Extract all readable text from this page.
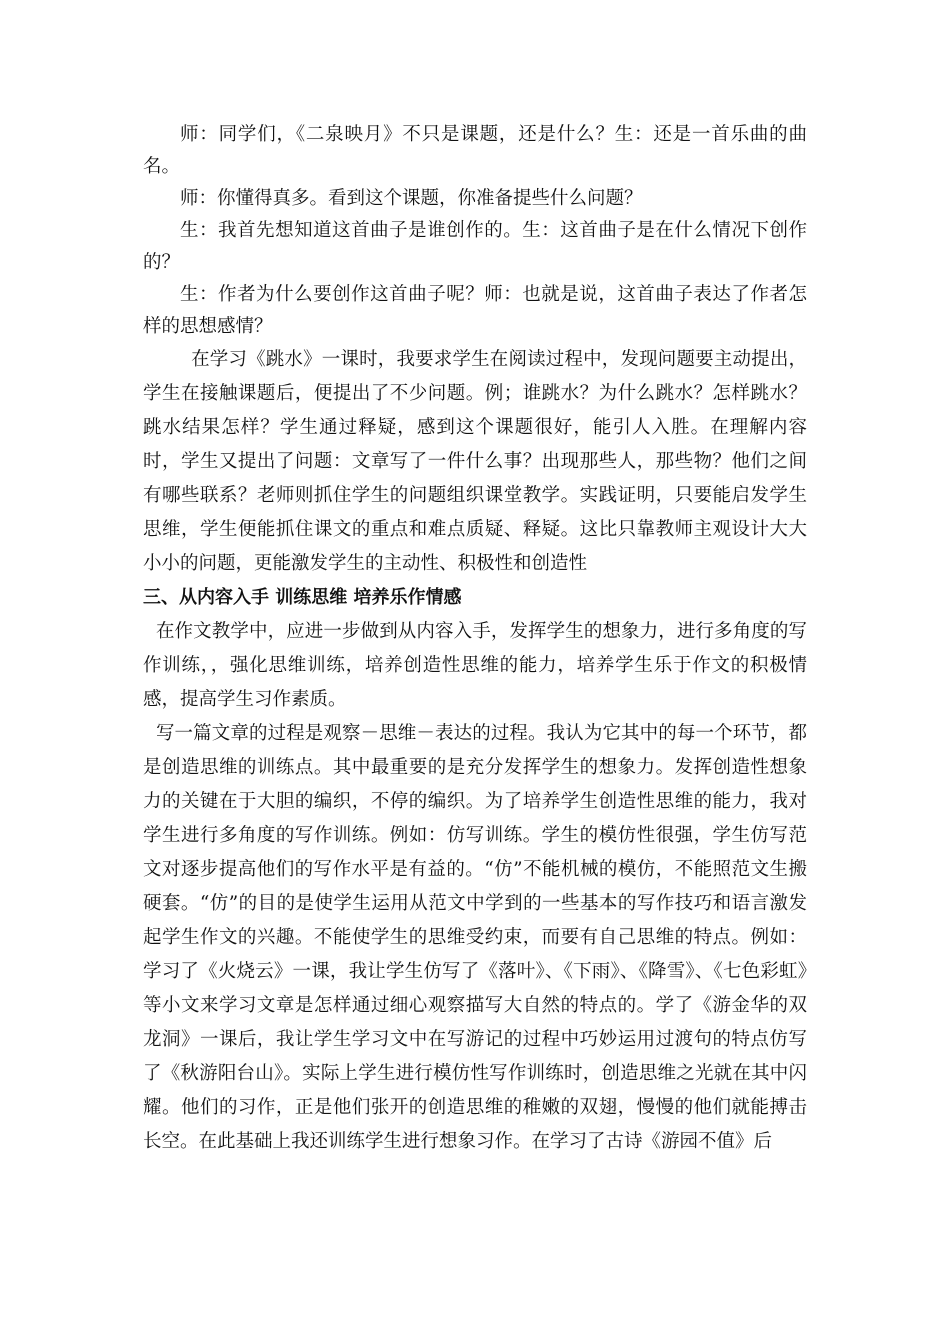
师：同学们，《二泉映月》不只是课题，还是什么？生：还是一首乐曲的曲名。

师：你懂得真多。看到这个课题，你准备提些什么问题？

生：我首先想知道这首曲子是谁创作的。生：这首曲子是在什么情况下创作的？

生：作者为什么要创作这首曲子呢？师：也就是说，这首曲子表达了作者怎样的思想感情？

在学习《跳水》一课时，我要求学生在阅读过程中，发现问题要主动提出，学生在接触课题后，便提出了不少问题。例；谁跳水？为什么跳水？怎样跳水？跳水结果怎样？学生通过释疑，感到这个课题很好，能引人入胜。在理解内容时，学生又提出了问题：文章写了一件什么事？出现那些人，那些物？他们之间有哪些联系？老师则抓住学生的问题组织课堂教学。实践证明，只要能启发学生思维，学生便能抓住课文的重点和难点质疑、释疑。这比只靠教师主观设计大大小小的问题，更能激发学生的主动性、积极性和创造性

三、从内容入手 训练思维 培养乐作情感

在作文教学中，应进一步做到从内容入手，发挥学生的想象力，进行多角度的写作训练，，强化思维训练，培养创造性思维的能力，培养学生乐于作文的积极情感，提高学生习作素质。

写一篇文章的过程是观察－思维－表达的过程。我认为它其中的每一个环节，都是创造思维的训练点。其中最重要的是充分发挥学生的想象力。发挥创造性想象力的关键在于大胆的编织，不停的编织。为了培养学生创造性思维的能力，我对学生进行多角度的写作训练。例如：仿写训练。学生的模仿性很强，学生仿写范文对逐步提高他们的写作水平是有益的。“仿”不能机械的模仿，不能照范文生搬硬套。“仿”的目的是使学生运用从范文中学到的一些基本的写作技巧和语言激发起学生作文的兴趣。不能使学生的思维受约束，而要有自己思维的特点。例如：学习了《火烧云》一课，我让学生仿写了《落叶》、《下雨》、《降雪》、《七色彩虹》等小文来学习文章是怎样通过细心观察描写大自然的特点的。学了《游金华的双龙洞》一课后，我让学生学习文中在写游记的过程中巧妙运用过渡句的特点仿写了《秋游阳台山》。实际上学生进行模仿性写作训练时，创造思维之光就在其中闪耀。他们的习作，正是他们张开的创造思维的稚嫩的双翅，慢慢的他们就能搏击长空。在此基础上我还训练学生进行想象习作。在学习了古诗《游园不值》后
